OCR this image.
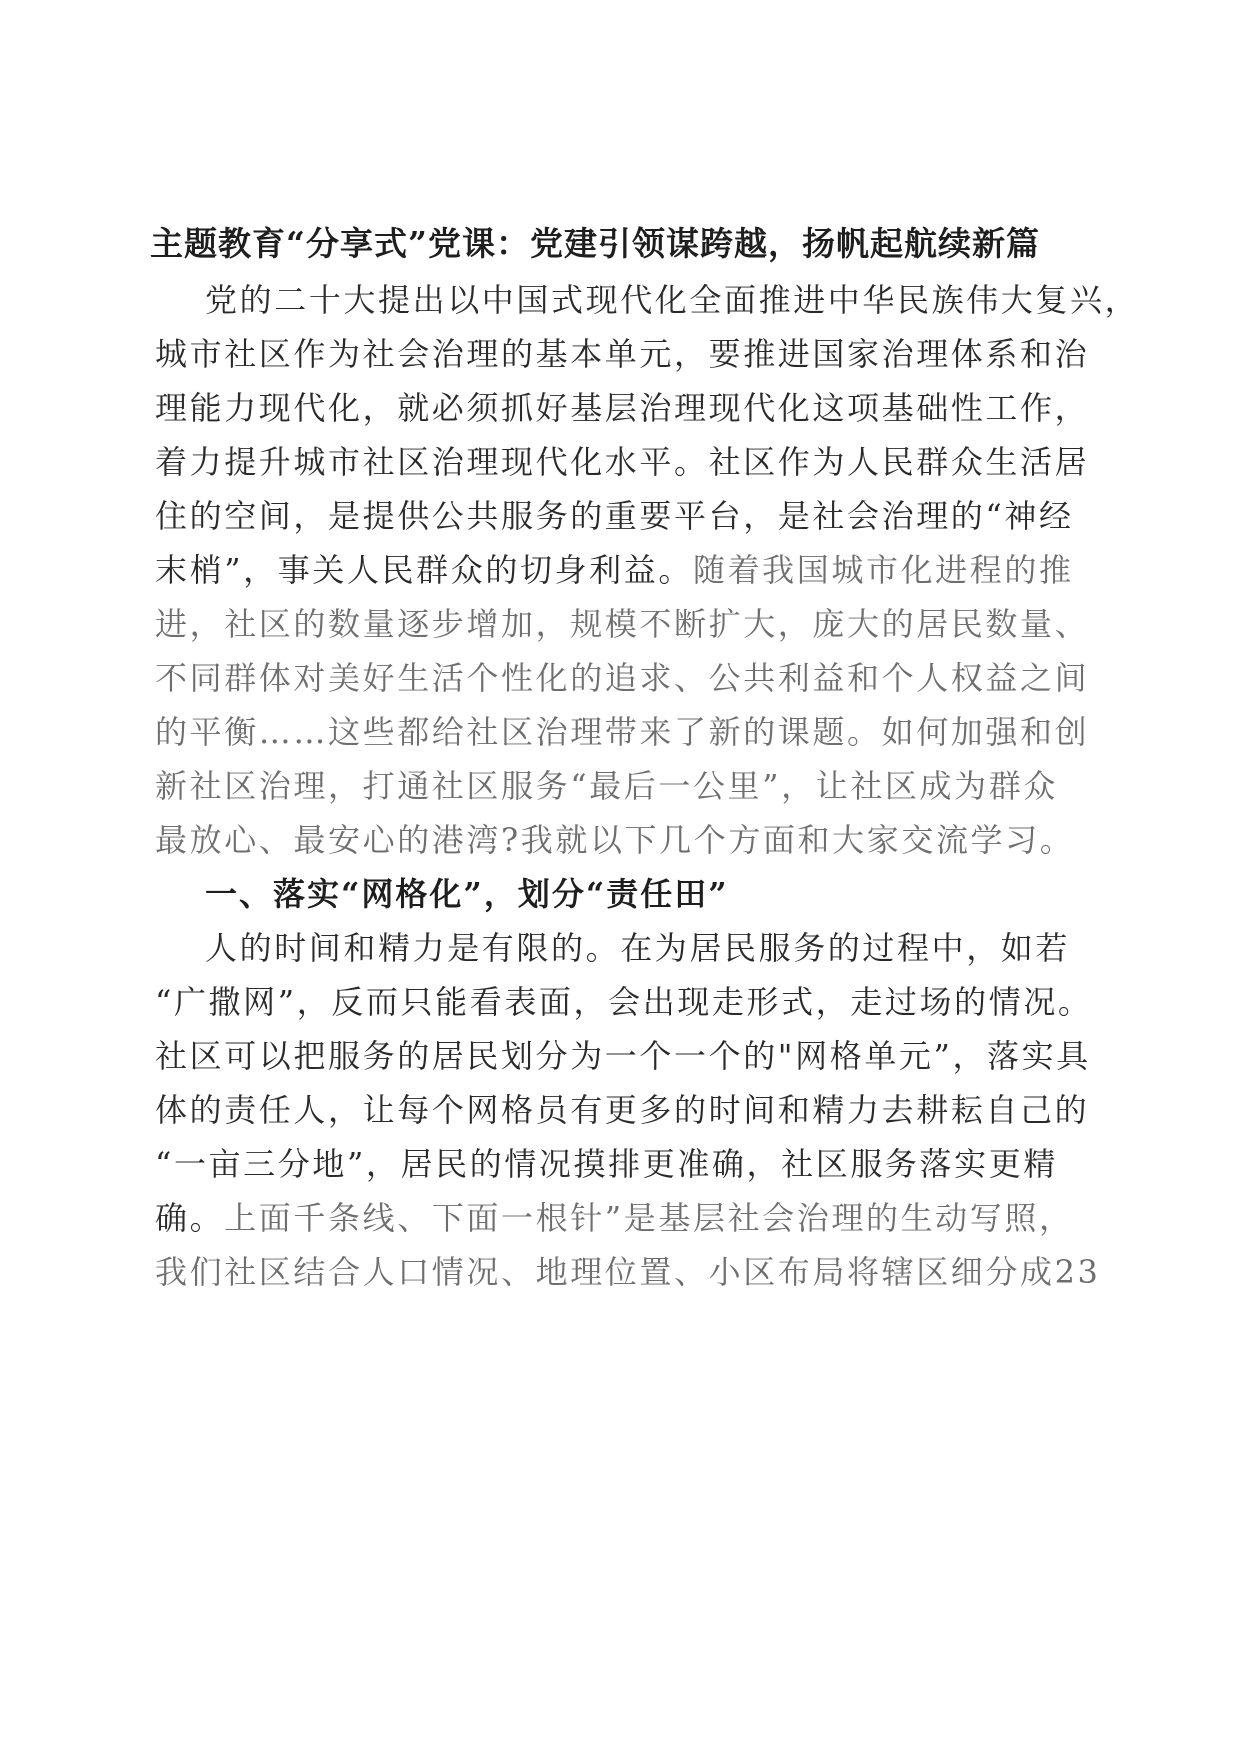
主题教育“分享式”党课：党建引领谋跨越，扬帆起航续新篇

党的二十大提出以中国式现代化全面推进中华民族伟大复兴，

城市社区作为社会治理的基本单元，要推进国家治理体系和治

理能力现代化，就必须抓好基层治理现代化这项基础性工作，

着力提升城市社区治理现代化水平。社区作为人民群众生活居

住的空间，是提供公共服务的重要平台，是社会治理的“神经

末梢”，事关人民群众的切身利益。随着我国城市化进程的推

进，社区的数量逐步增加，规模不断扩大，庞大的居民数量、

不同群体对美好生活个性化的追求、公共利益和个人权益之间

的平衡……这些都给社区治理带来了新的课题。如何加强和创

新社区治理，打通社区服务“最后一公里”，让社区成为群众

最放心、最安心的港湾?我就以下几个方面和大家交流学习。

一、落实“网格化”，划分“责任田”

人的时间和精力是有限的。在为居民服务的过程中，如若

“广撒网”，反而只能看表面，会出现走形式，走过场的情况。

社区可以把服务的居民划分为一个一个的"网格单元”，落实具

体的责任人，让每个网格员有更多的时间和精力去耕耘自己的

“一亩三分地”，居民的情况摸排更准确，社区服务落实更精

确。上面千条线、下面一根针”是基层社会治理的生动写照，

我们社区结合人口情况、地理位置、小区布局将辖区细分成23
